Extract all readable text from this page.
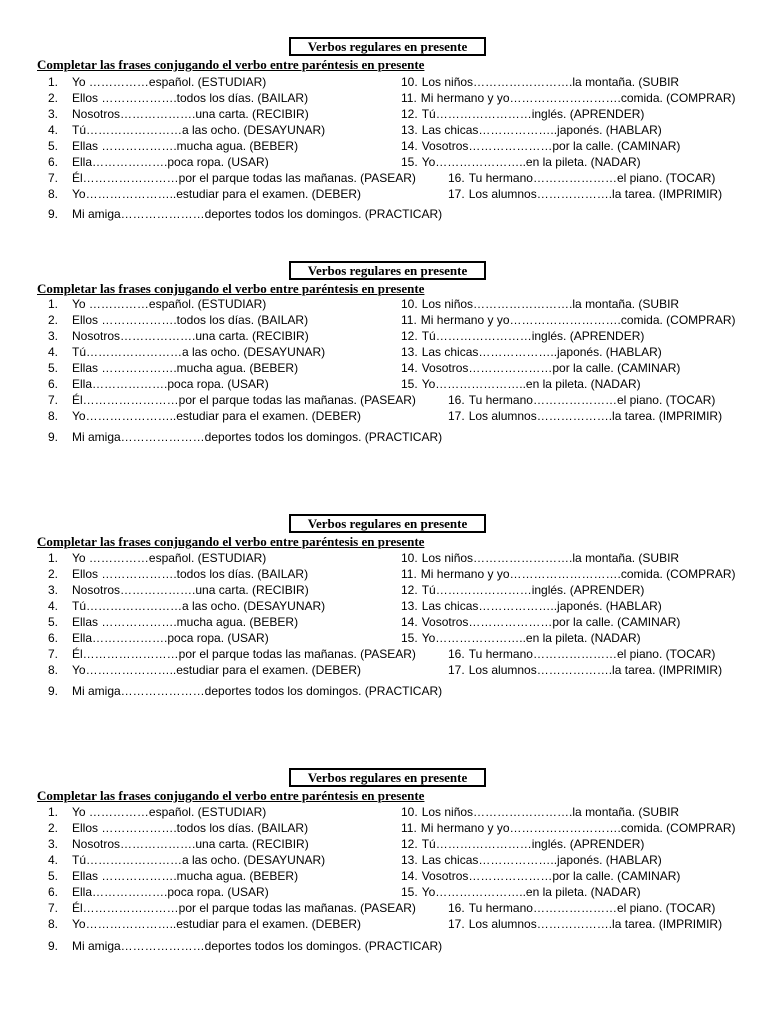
Verbos regulares en presente
Completar las frases conjugando el verbo entre paréntesis en presente
1. Yo ……………español. (ESTUDIAR)
2. Ellos ……………….todos los días. (BAILAR)
3. Nosotros……………….una carta. (RECIBIR)
4. Tú……………………a las ocho. (DESAYUNAR)
5. Ellas ……………….mucha agua. (BEBER)
6. Ella……………….poca ropa. (USAR)
7. Él……………………por el parque todas las mañanas. (PASEAR)
8. Yo…………………..estudiar para el examen. (DEBER)
9. Mi amiga…………………deportes todos los domingos. (PRACTICAR)
10. Los niños…………………….la montaña. (SUBIR
11. Mi hermano y yo……………………….comida. (COMPRAR)
12. Tú……………………inglés. (APRENDER)
13. Las chicas………………..japonés. (HABLAR)
14. Vosotros…………………por la calle. (CAMINAR)
15. Yo…………………..en la pileta. (NADAR)
16. Tu hermano…………………el piano. (TOCAR)
17. Los alumnos……………….la tarea. (IMPRIMIR)
Verbos regulares en presente
Completar las frases conjugando el verbo entre paréntesis en presente
1. Yo ……………español. (ESTUDIAR)
2. Ellos ……………….todos los días. (BAILAR)
3. Nosotros……………….una carta. (RECIBIR)
4. Tú……………………a las ocho. (DESAYUNAR)
5. Ellas ……………….mucha agua. (BEBER)
6. Ella……………….poca ropa. (USAR)
7. Él……………………por el parque todas las mañanas. (PASEAR)
8. Yo…………………..estudiar para el examen. (DEBER)
9. Mi amiga…………………deportes todos los domingos. (PRACTICAR)
10. Los niños…………………….la montaña. (SUBIR
11. Mi hermano y yo……………………….comida. (COMPRAR)
12. Tú……………………inglés. (APRENDER)
13. Las chicas………………..japonés. (HABLAR)
14. Vosotros…………………por la calle. (CAMINAR)
15. Yo…………………..en la pileta. (NADAR)
16. Tu hermano…………………el piano. (TOCAR)
17. Los alumnos……………….la tarea. (IMPRIMIR)
Verbos regulares en presente
Completar las frases conjugando el verbo entre paréntesis en presente
1. Yo ……………español. (ESTUDIAR)
2. Ellos ……………….todos los días. (BAILAR)
3. Nosotros……………….una carta. (RECIBIR)
4. Tú……………………a las ocho. (DESAYUNAR)
5. Ellas ……………….mucha agua. (BEBER)
6. Ella……………….poca ropa. (USAR)
7. Él……………………por el parque todas las mañanas. (PASEAR)
8. Yo…………………..estudiar para el examen. (DEBER)
9. Mi amiga…………………deportes todos los domingos. (PRACTICAR)
10. Los niños…………………….la montaña. (SUBIR
11. Mi hermano y yo……………………….comida. (COMPRAR)
12. Tú……………………inglés. (APRENDER)
13. Las chicas………………..japonés. (HABLAR)
14. Vosotros…………………por la calle. (CAMINAR)
15. Yo…………………..en la pileta. (NADAR)
16. Tu hermano…………………el piano. (TOCAR)
17. Los alumnos……………….la tarea. (IMPRIMIR)
Verbos regulares en presente
Completar las frases conjugando el verbo entre paréntesis en presente
1. Yo ……………español. (ESTUDIAR)
2. Ellos ……………….todos los días. (BAILAR)
3. Nosotros……………….una carta. (RECIBIR)
4. Tú……………………a las ocho. (DESAYUNAR)
5. Ellas ……………….mucha agua. (BEBER)
6. Ella……………….poca ropa. (USAR)
7. Él……………………por el parque todas las mañanas. (PASEAR)
8. Yo…………………..estudiar para el examen. (DEBER)
9. Mi amiga…………………deportes todos los domingos. (PRACTICAR)
10. Los niños…………………….la montaña. (SUBIR
11. Mi hermano y yo……………………….comida. (COMPRAR)
12. Tú……………………inglés. (APRENDER)
13. Las chicas………………..japonés. (HABLAR)
14. Vosotros…………………por la calle. (CAMINAR)
15. Yo…………………..en la pileta. (NADAR)
16. Tu hermano…………………el piano. (TOCAR)
17. Los alumnos……………….la tarea. (IMPRIMIR)
